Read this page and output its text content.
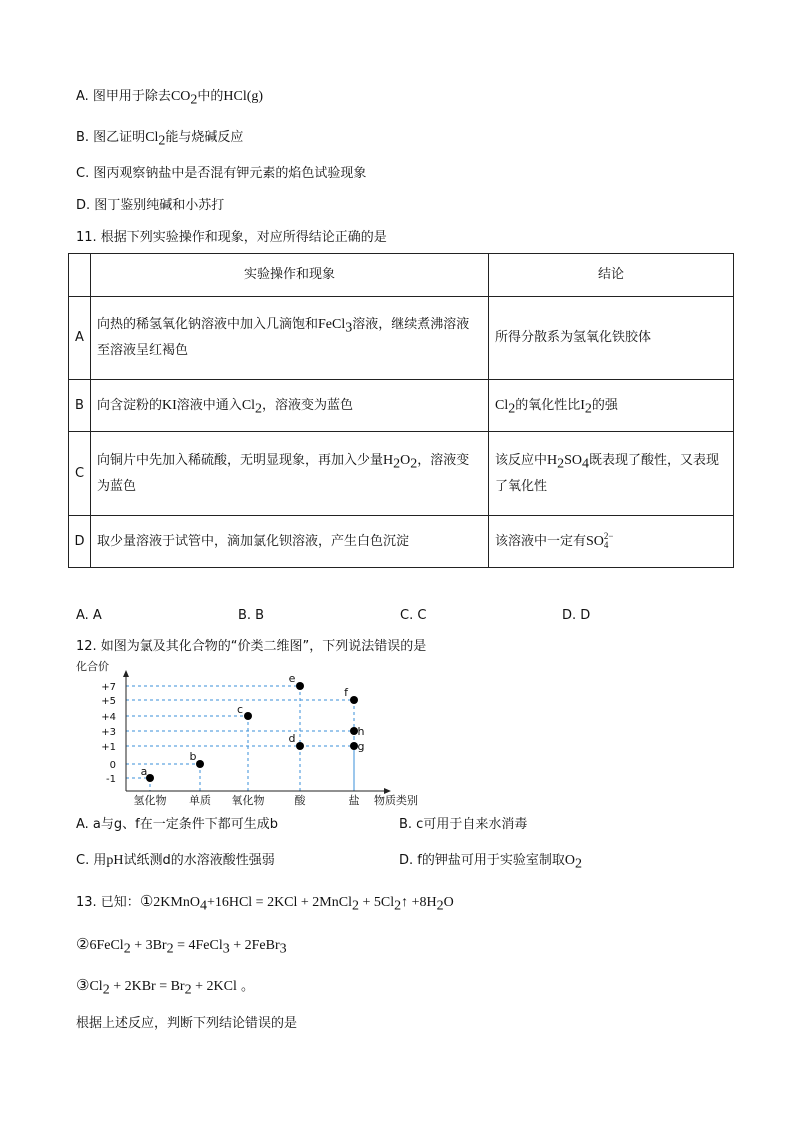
A. 图甲用于除去$CO_2$中的HCl(g)
B. 图乙证明$Cl_2$能与烧碱反应
C. 图丙观察钠盐中是否混有钾元素的焰色试验现象
D. 图丁鉴别纯碱和小苏打
11. 根据下列实验操作和现象，对应所得结论正确的是
	实验操作和现象	结论
A	向热的稀氢氧化钠溶液中加入几滴饱和FeCl$_3$溶液，继续煮沸溶液至溶液呈红褐色	所得分散系为氢氧化铁胶体
B	向含淀粉的KI溶液中通入$Cl_2$，溶液变为蓝色	$Cl_2$的氧化性比$I_2$的强
C	向铜片中先加入稀硫酸，无明显现象，再加入少量$H_2O_2$，溶液变为蓝色	该反应中$H_2SO_4$既表现了酸性，又表现了氧化性
D	取少量溶液于试管中，滴加氯化钡溶液，产生白色沉淀	该溶液中一定有SO 2−
4
A. A	B. B	C. C	D. D
12. 如图为氯及其化合物的“价类二维图”，下列说法错误的是
化合价
物质类别
+7
+5
+4
+3
+1
0
-1
氢化物 单质 氧化物	酸	盐
a
b
c
d
e
f
g
h
A. a与g、f在一定条件下都可生成b	B. c可用于自来水消毒
C. 用pH试纸测d的水溶液酸性强弱	D. f的钾盐可用于实验室制取$O_2$
13. 已知：①2KMnO$_4$+16HCl = 2KCl + 2MnCl$_2$ + $5Cl_2↑ +8H_2O$
②6FeCl$_2$ + $3Br_2$ = 4FeCl$_3$ + 2FeBr$_3$
$③Cl_2 + 2KBr = Br_2 + 2KCl$ 。
根据上述反应，判断下列结论错误的是
